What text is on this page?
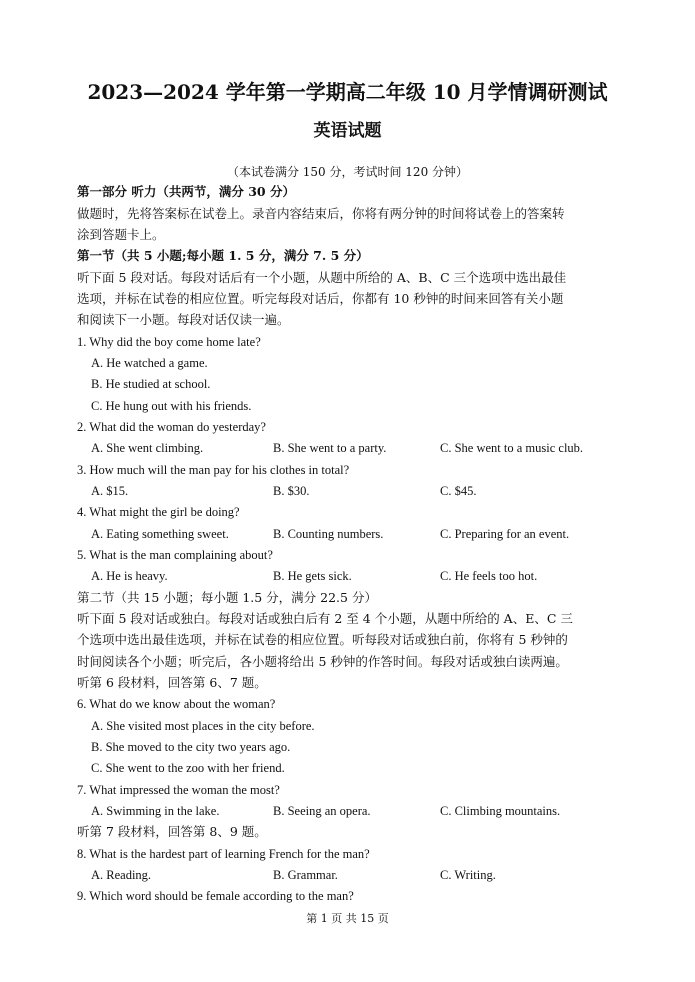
2023—2024 学年第一学期高二年级 10 月学情调研测试
英语试题
（本试卷满分 150 分，考试时间 120 分钟）
第一部分 听力（共两节，满分 30 分）
做题时，先将答案标在试卷上。录音内容结束后，你将有两分钟的时间将试卷上的答案转
涂到答题卡上。
第一节（共 5 小题;每小题 1. 5 分，满分 7. 5 分）
听下面 5 段对话。每段对话后有一个小题，从题中所给的 A、B、C 三个选项中选出最佳
选项，并标在试卷的相应位置。听完每段对话后，你都有 10 秒钟的时间来回答有关小题
和阅读下一小题。每段对话仅读一遍。
1. Why did the boy come home late?
A. He watched a game.
B. He studied at school.
C. He hung out with his friends.
2. What did the woman do yesterday?
A. She went climbing.	B. She went to a party.	C. She went to a music club.
3. How much will the man pay for his clothes in total?
A. $15.	B. $30.	C. $45.
4. What might the girl be doing?
A. Eating something sweet.	B. Counting numbers.	C. Preparing for an event.
5. What is the man complaining about?
A. He is heavy.	B. He gets sick.	C. He feels too hot.
第二节（共 15 小题；每小题 1.5 分，满分 22.5 分）
听下面 5 段对话或独白。每段对话或独白后有 2 至 4 个小题，从题中所给的 A、E、C 三
个选项中选出最佳选项，并标在试卷的相应位置。听每段对话或独白前，你将有 5 秒钟的
时间阅读各个小题；听完后，各小题将给出 5 秒钟的作答时间。每段对话或独白读两遍。
听第 6 段材料，回答第 6、7 题。
6. What do we know about the woman?
A. She visited most places in the city before.
B. She moved to the city two years ago.
C. She went to the zoo with her friend.
7. What impressed the woman the most?
A. Swimming in the lake.	B. Seeing an opera.	C. Climbing mountains.
听第 7 段材料，回答第 8、9 题。
8. What is the hardest part of learning French for the man?
A. Reading.	B. Grammar.	C. Writing.
9. Which word should be female according to the man?
第 1 页 共 15 页
